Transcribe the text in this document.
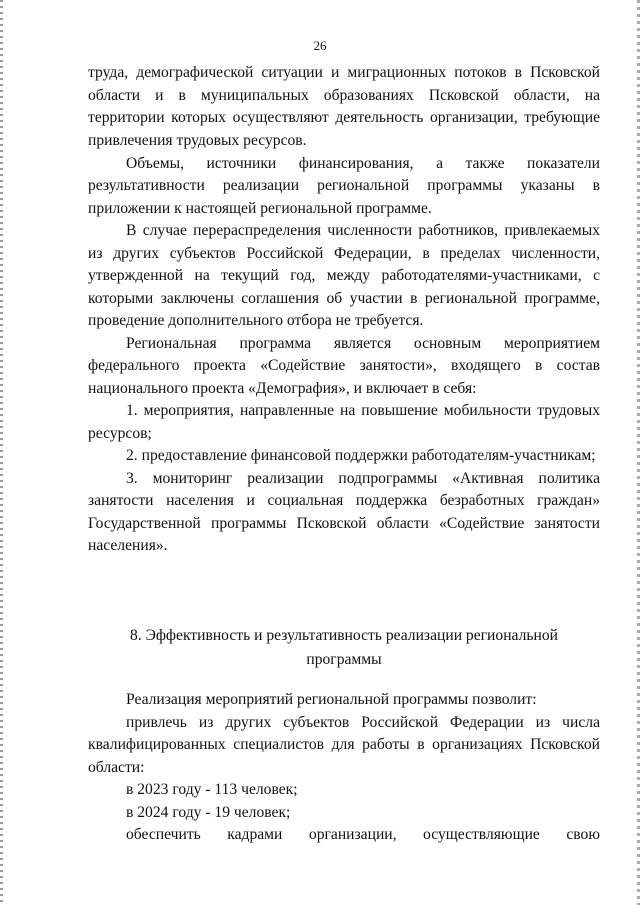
26

труда, демографической ситуации и миграционных потоков в Псковской области и в муниципальных образованиях Псковской области, на территории которых осуществляют деятельность организации, требующие привлечения трудовых ресурсов.

Объемы, источники финансирования, а также показатели результативности реализации региональной программы указаны в приложении к настоящей региональной программе.

В случае перераспределения численности работников, привлекаемых из других субъектов Российской Федерации, в пределах численности, утвержденной на текущий год, между работодателями-участниками, с которыми заключены соглашения об участии в региональной программе, проведение дополнительного отбора не требуется.

Региональная программа является основным мероприятием федерального проекта «Содействие занятости», входящего в состав национального проекта «Демография», и включает в себя:

1. мероприятия, направленные на повышение мобильности трудовых ресурсов;

2. предоставление финансовой поддержки работодателям-участникам;

3. мониторинг реализации подпрограммы «Активная политика занятости населения и социальная поддержка безработных граждан» Государственной программы Псковской области «Содействие занятости населения».

8. Эффективность и результативность реализации региональной
программы

Реализация мероприятий региональной программы позволит:

привлечь из других субъектов Российской Федерации из числа квалифицированных специалистов для работы в организациях Псковской области:

в 2023 году - 113 человек;

в 2024 году - 19 человек;

обеспечить кадрами организации, осуществляющие свою
